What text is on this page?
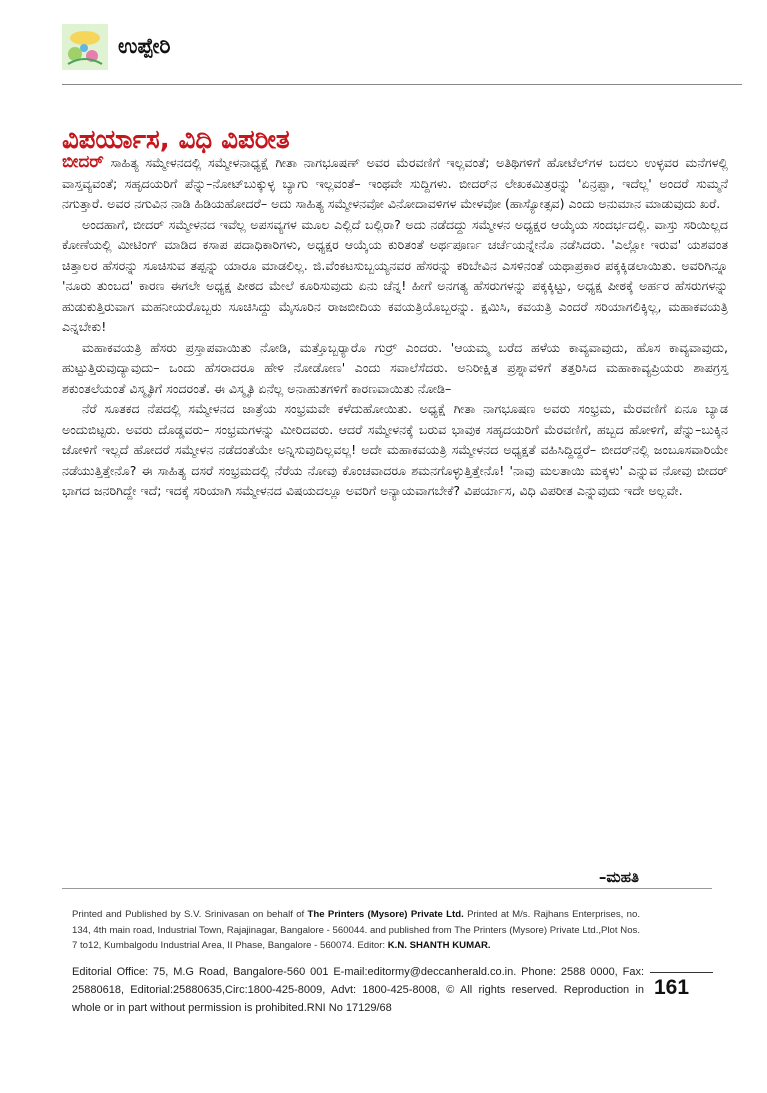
ಉಪ್ಪೇರಿ
ವಿಪರ್ಯಾಸ, ವಿಧಿ ವಿಪರೀತ

ಬೀದರ್ ಸಾಹಿತ್ಯ ಸಮ್ಮೇಳನದಲ್ಲಿ ಸಮ್ಮೇಳನಾಧ್ಯಕ್ಷೆ ಗೀತಾ ನಾಗಭೂಷಣ್ ಅವರ ಮೆರವಣಿಗೆ ಇಲ್ಲವಂತೆ; ಅತಿಥಿಗಳಿಗೆ ಹೋಟೆಲ್‌ಗಳ ಬದಲು ಉಳ್ಳವರ ಮನೆಗಳಲ್ಲಿ ವಾಸ್ತವ್ಯವಂತೆ; ಸಹೃದಯರಿಗೆ ಪೆನ್ನು–ನೋಟ್‌ಬುಕ್ಕುಳ್ಳ ಬ್ಯಾಗು ಇಲ್ಲವಂತೆ– ಇಂಥವೇ ಸುದ್ದಿಗಳು. ಬೀದರ್‌ನ ಲೇಖಕಮಿತ್ರರನ್ನು 'ಏನ್ರಪ್ಪಾ, ಇದೆಲ್ಲ' ಅಂದರೆ ಸುಮ್ಮನೆ ನಗುತ್ತಾರೆ. ಅವರ ನಗುವಿನ ನಾಡಿ ಹಿಡಿಯಹೋದರೆ– ಅದು ಸಾಹಿತ್ಯ ಸಮ್ಮೇಳನವೋ ವಿನೋದಾವಳಿಗಳ ಮೇಳವೋ (ಹಾಸ್ಯೋತ್ಸವ) ಎಂದು ಅನುಮಾನ ಮಾಡುವುದು ಖರೆ.

ಅಂದಹಾಗೆ, ಬೀದರ್ ಸಮ್ಮೇಳನದ ಇವೆಲ್ಲ ಅಪಸವ್ಯಗಳ ಮೂಲ ಎಲ್ಲಿದೆ ಬಲ್ಲಿರಾ? ಅದು ನಡೆದದ್ದು ಸಮ್ಮೇಳನ ಅಧ್ಯಕ್ಷರ ಆಯ್ಕೆಯ ಸಂದರ್ಭದಲ್ಲಿ. ವಾಸ್ತು ಸರಿಯಿಲ್ಲದ ಕೋಣೆಯಲ್ಲಿ ಮೀಟಿಂಗ್ ಮಾಡಿದ ಕಸಾಪ ಪದಾಧಿಕಾರಿಗಳು, ಅಧ್ಯಕ್ಷರ ಆಯ್ಕೆಯ ಕುರಿತಂತೆ ಅರ್ಥಪೂರ್ಣ ಚರ್ಚೆಯನ್ನೇನೊ ನಡೆಸಿದರು. 'ಎಲ್ಲೋ ಇರುವ' ಯಶವಂತ ಚಿತ್ತಾಲರ ಹೆಸರನ್ನು ಸೂಚಿಸುವ ತಪ್ಪನ್ನು ಯಾರೂ ಮಾಡಲಿಲ್ಲ. ಜಿ.ವೆಂಕಟಸುಬ್ಬಯ್ಯನವರ ಹೆಸರನ್ನು ಕರಿಬೇವಿನ ಎಸಳಿನಂತೆ ಯಥಾಪ್ರಕಾರ ಪಕ್ಕಕ್ಕಿಡಲಾಯಿತು. ಅವರಿಗಿನ್ನೂ 'ನೂರು ತುಂಬದ' ಕಾರಣ ಈಗಲೇ ಅಧ್ಯಕ್ಷ ಪೀಠದ ಮೇಲೆ ಕೂರಿಸುವುದು ಏನು ಚೆನ್ನ! ಹೀಗೆ ಅನಗತ್ಯ ಹೆಸರುಗಳನ್ನು ಪಕ್ಕಕ್ಕಿಟ್ಟು, ಅಧ್ಯಕ್ಷ ಪೀಠಕ್ಕೆ ಅರ್ಹರ ಹೆಸರುಗಳನ್ನು ಹುಡುಕುತ್ತಿರುವಾಗ ಮಹನೀಯರೊಬ್ಬರು ಸೂಚಿಸಿದ್ದು ಮೈಸೂರಿನ ರಾಜಬೀದಿಯ ಕವಯತ್ರಿಯೊಬ್ಬರನ್ನು. ಕ್ಷಮಿಸಿ, ಕವಯತ್ರಿ ಎಂದರೆ ಸರಿಯಾಗಲಿಕ್ಕಿಲ್ಲ, ಮಹಾಕವಯತ್ರಿ ಎನ್ನಬೇಕು!

ಮಹಾಕವಯತ್ರಿ ಹೆಸರು ಪ್ರಸ್ತಾಪವಾಯಿತು ನೋಡಿ, ಮತ್ತೊಬ್ಬರ‍್ಯಾರೊ ಗುರ‍್ರ್ ಎಂದರು. 'ಆಯಮ್ಮ ಬರೆದ ಹಳೆಯ ಕಾವ್ಯವಾವುದು, ಹೊಸ ಕಾವ್ಯವಾವುದು, ಹುಟ್ಟುತ್ತಿರುವುದ್ಯಾವುದು– ಒಂದು ಹೆಸರಾದರೂ ಹೇಳಿ ನೋಡೋಣ' ಎಂದು ಸವಾಲೆಸೆದರು. ಅನಿರೀಕ್ಷಿತ ಪ್ರಶ್ನಾವಳಿಗೆ ತತ್ತರಿಸಿದ ಮಹಾಕಾವ್ಯಪ್ರಿಯರು ಶಾಪಗ್ರಸ್ತ ಶಕುಂತಲೆಯಂತೆ ವಿಸ್ಮೃತಿಗೆ ಸಂದರಂತೆ. ಈ ವಿಸ್ಮೃತಿ ಏನೆಲ್ಲ ಅನಾಹುತಗಳಿಗೆ ಕಾರಣವಾಯಿತು ನೋಡಿ–

ನೆರೆ ಸೂತಕದ ನೆಪದಲ್ಲಿ ಸಮ್ಮೇಳನದ ಜಾತ್ರೆಯ ಸಂಭ್ರಮವೇ ಕಳೆದುಹೋಯಿತು. ಅಧ್ಯಕ್ಷೆ ಗೀತಾ ನಾಗಭೂಷಣ ಅವರು ಸಂಭ್ರಮ, ಮೆರವಣಿಗೆ ಏನೂ ಬ್ಯಾಡ ಅಂದುಬಿಟ್ಟರು. ಅವರು ದೊಡ್ಡವರು– ಸಂಭ್ರಮಗಳನ್ನು ಮೀರಿದವರು. ಆದರೆ ಸಮ್ಮೇಳನಕ್ಕೆ ಬರುವ ಭಾವುಕ ಸಹೃದಯರಿಗೆ ಮೆರವಣಿಗೆ, ಹಬ್ಬದ ಹೋಳಿಗೆ, ಪೆನ್ನು–ಬುಕ್ಕಿನ ಜೋಳಿಗೆ ಇಲ್ಲದೆ ಹೋದರೆ ಸಮ್ಮೇಳನ ನಡೆದಂತೆಯೇ ಅನ್ನಿಸುವುದಿಲ್ಲವಲ್ಲ! ಅದೇ ಮಹಾಕವಯತ್ರಿ ಸಮ್ಮೇಳನದ ಅಧ್ಯಕ್ಷತೆ ವಹಿಸಿದ್ದಿದ್ದರೆ– ಬೀದರ್‌ನಲ್ಲಿ ಜಂಬೂಸವಾರಿಯೇ ನಡೆಯುತ್ತಿತ್ತೇನೊ? ಈ ಸಾಹಿತ್ಯ ದಸರೆ ಸಂಭ್ರಮದಲ್ಲಿ ನೆರೆಯ ನೋವು ಕೊಂಚವಾದರೂ ಶಮನಗೊಳ್ಳುತ್ತಿತ್ತೇನೊ! 'ನಾವು ಮಲತಾಯಿ ಮಕ್ಕಳು' ಎನ್ನುವ ನೋವು ಬೀದರ್ ಭಾಗದ ಜನರಿಗಿದ್ದೇ ಇದೆ; ಇದಕ್ಕೆ ಸರಿಯಾಗಿ ಸಮ್ಮೇಳನದ ವಿಷಯದಲ್ಲೂ ಅವರಿಗೆ ಅನ್ಯಾಯವಾಗಬೇಕೆ? ವಿಪರ್ಯಾಸ, ವಿಧಿ ವಿಪರೀತ ಎನ್ನುವುದು ಇದೇ ಅಲ್ಲವೇ.

–ಮಹತಿ
Printed and Published by S.V. Srinivasan on behalf of The Printers (Mysore) Private Ltd. Printed at M/s. Rajhans Enterprises, no. 134, 4th main road, Industrial Town, Rajajinagar, Bangalore - 560044. and published from The Printers (Mysore) Private Ltd.,Plot Nos. 7 to12, Kumbalgodu Industrial Area, II Phase, Bangalore - 560074. Editor: K.N. SHANTH KUMAR.
Editorial Office: 75, M.G Road, Bangalore-560 001 E-mail:editormy@deccanherald.co.in. Phone: 2588 0000, Fax: 25880618, Editorial:25880635,Circ:1800-425-8009, Advt: 1800-425-8008, © All rights reserved. Reproduction in whole or in part without permission is prohibited.RNI No 17129/68
161
